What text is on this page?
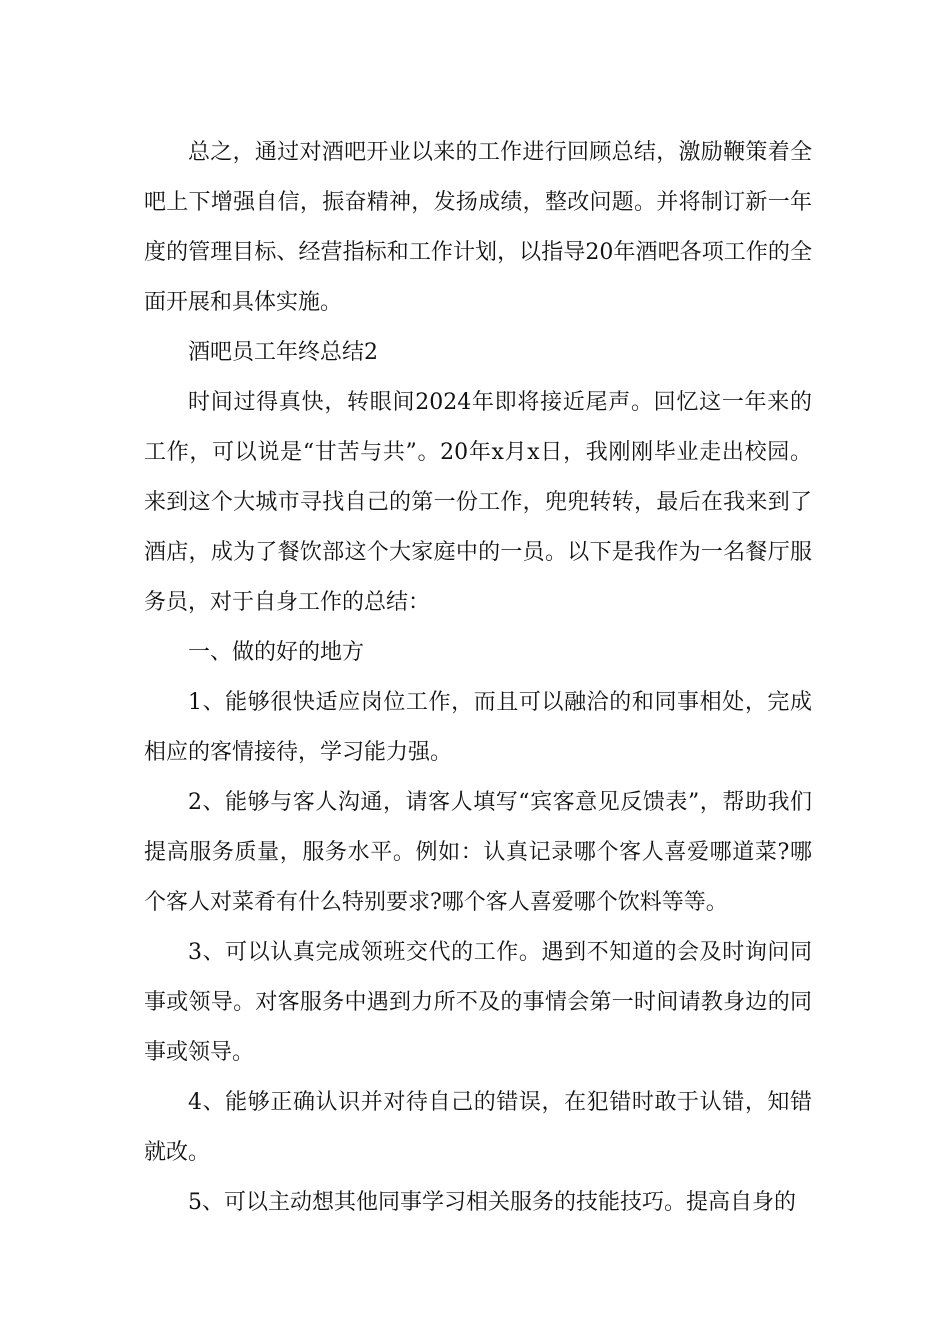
总之，通过对酒吧开业以来的工作进行回顾总结，激励鞭策着全吧上下增强自信，振奋精神，发扬成绩，整改问题。并将制订新一年度的管理目标、经营指标和工作计划，以指导20年酒吧各项工作的全面开展和具体实施。

酒吧员工年终总结2

时间过得真快，转眼间2024年即将接近尾声。回忆这一年来的工作，可以说是“甘苦与共”。20年x月x日，我刚刚毕业走出校园。来到这个大城市寻找自己的第一份工作，兜兜转转，最后在我来到了酒店，成为了餐饮部这个大家庭中的一员。以下是我作为一名餐厅服务员，对于自身工作的总结：

一、做的好的地方

1、能够很快适应岗位工作，而且可以融洽的和同事相处，完成相应的客情接待，学习能力强。

2、能够与客人沟通，请客人填写“宾客意见反馈表”，帮助我们提高服务质量，服务水平。例如：认真记录哪个客人喜爱哪道菜?哪个客人对菜肴有什么特别要求?哪个客人喜爱哪个饮料等等。

3、可以认真完成领班交代的工作。遇到不知道的会及时询问同事或领导。对客服务中遇到力所不及的事情会第一时间请教身边的同事或领导。

4、能够正确认识并对待自己的错误，在犯错时敢于认错，知错就改。

5、可以主动想其他同事学习相关服务的技能技巧。提高自身的
